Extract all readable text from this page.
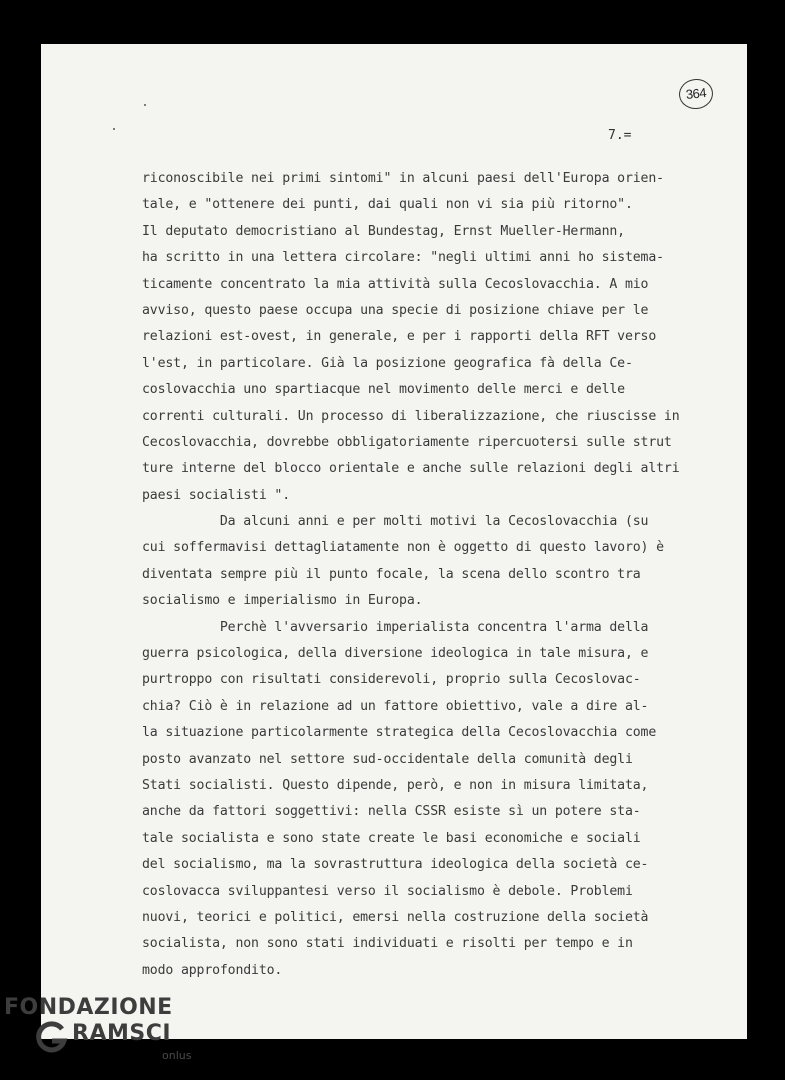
364
7.=
riconoscibile nei primi sintomi" in alcuni paesi dell'Europa orien-
tale, e "ottenere dei punti, dai quali non vi sia più ritorno".
Il deputato democristiano al Bundestag, Ernst Mueller-Hermann,
ha scritto in una lettera circolare: "negli ultimi anni ho sistema-
ticamente concentrato la mia attività sulla Cecoslovacchia. A mio
avviso, questo paese occupa una specie di posizione chiave per le
relazioni est-ovest, in generale, e per i rapporti della RFT verso
l'est, in particolare. Già la posizione geografica fà della Ce-
coslovacchia uno spartiacque nel movimento delle merci e delle
correnti culturali. Un processo di liberalizzazione, che riuscisse in
Cecoslovacchia, dovrebbe obbligatoriamente ripercuotersi sulle strut
ture interne del blocco orientale e anche sulle relazioni degli altri
paesi socialisti ".
Da alcuni anni e per molti motivi la Cecoslovacchia (su
cui soffermavisi dettagliatamente non è oggetto di questo lavoro) è
diventata sempre più il punto focale, la scena dello scontro tra
socialismo e imperialismo in Europa.
Perchè l'avversario imperialista concentra l'arma della
guerra psicologica, della diversione ideologica in tale misura, e
purtroppo con risultati considerevoli, proprio sulla Cecoslovac-
chia? Ciò è in relazione ad un fattore obiettivo, vale a dire al-
la situazione particolarmente strategica della Cecoslovacchia come
posto avanzato nel settore sud-occidentale della comunità degli
Stati socialisti. Questo dipende, però, e non in misura limitata,
anche da fattori soggettivi: nella CSSR esiste sì un potere sta-
tale socialista e sono state create le basi economiche e sociali
del socialismo, ma la sovrastruttura ideologica della società ce-
coslovacca sviluppantesi verso il socialismo è debole. Problemi
nuovi, teorici e politici, emersi nella costruzione della società
socialista, non sono stati individuati e risolti per tempo e in
modo approfondito.
FONDAZIONE
RAMSCI
onlus
